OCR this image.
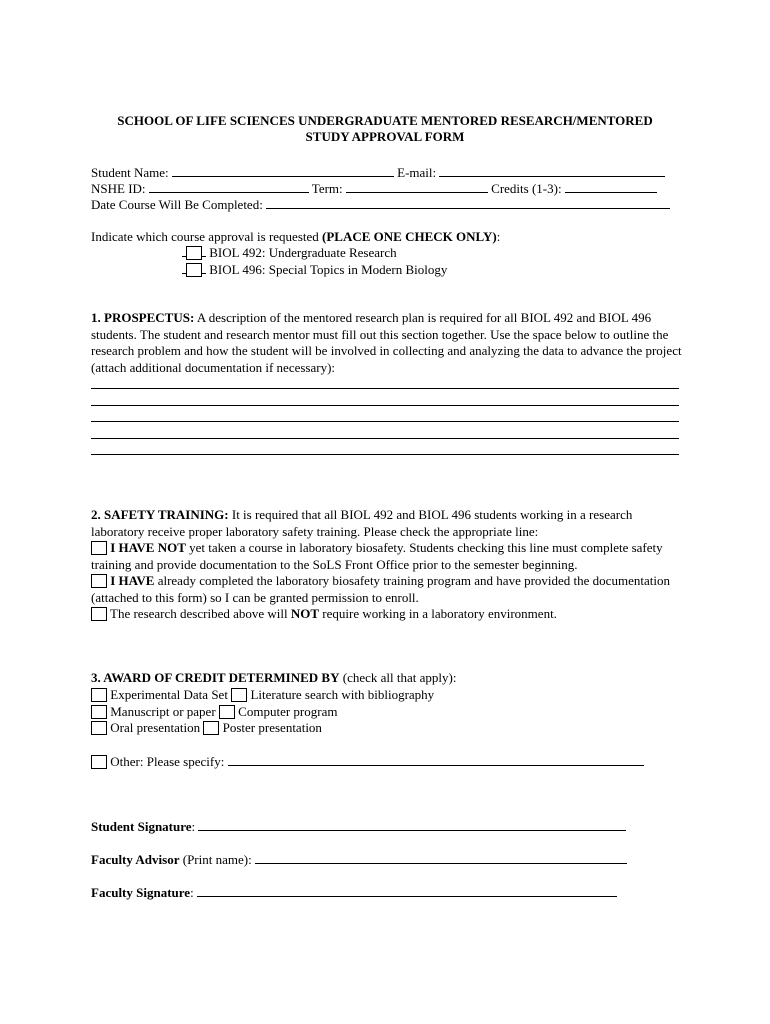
SCHOOL OF LIFE SCIENCES UNDERGRADUATE MENTORED RESEARCH/MENTORED
STUDY APPROVAL FORM
Student Name:	E-mail:
NSHE ID:	Term:	Credits (1-3):
Date Course Will Be Completed:
Indicate which course approval is requested (PLACE ONE CHECK ONLY):
BIOL 492: Undergraduate Research
BIOL 496: Special Topics in Modern Biology
1. PROSPECTUS: A description of the mentored research plan is required for all BIOL 492 and BIOL 496 students. The student and research mentor must fill out this section together. Use the space below to outline the research problem and how the student will be involved in collecting and analyzing the data to advance the project (attach additional documentation if necessary):
2. SAFETY TRAINING: It is required that all BIOL 492 and BIOL 496 students working in a research laboratory receive proper laboratory safety training. Please check the appropriate line:
I HAVE NOT yet taken a course in laboratory biosafety. Students checking this line must complete safety training and provide documentation to the SoLS Front Office prior to the semester beginning.
I HAVE already completed the laboratory biosafety training program and have provided the documentation (attached to this form) so I can be granted permission to enroll.
The research described above will NOT require working in a laboratory environment.
3. AWARD OF CREDIT DETERMINED BY (check all that apply):
Experimental Data Set Literature search with bibliography
Manuscript or paper Computer program
Oral presentation Poster presentation
Other: Please specify:
Student Signature:
Faculty Advisor (Print name):
Faculty Signature:
